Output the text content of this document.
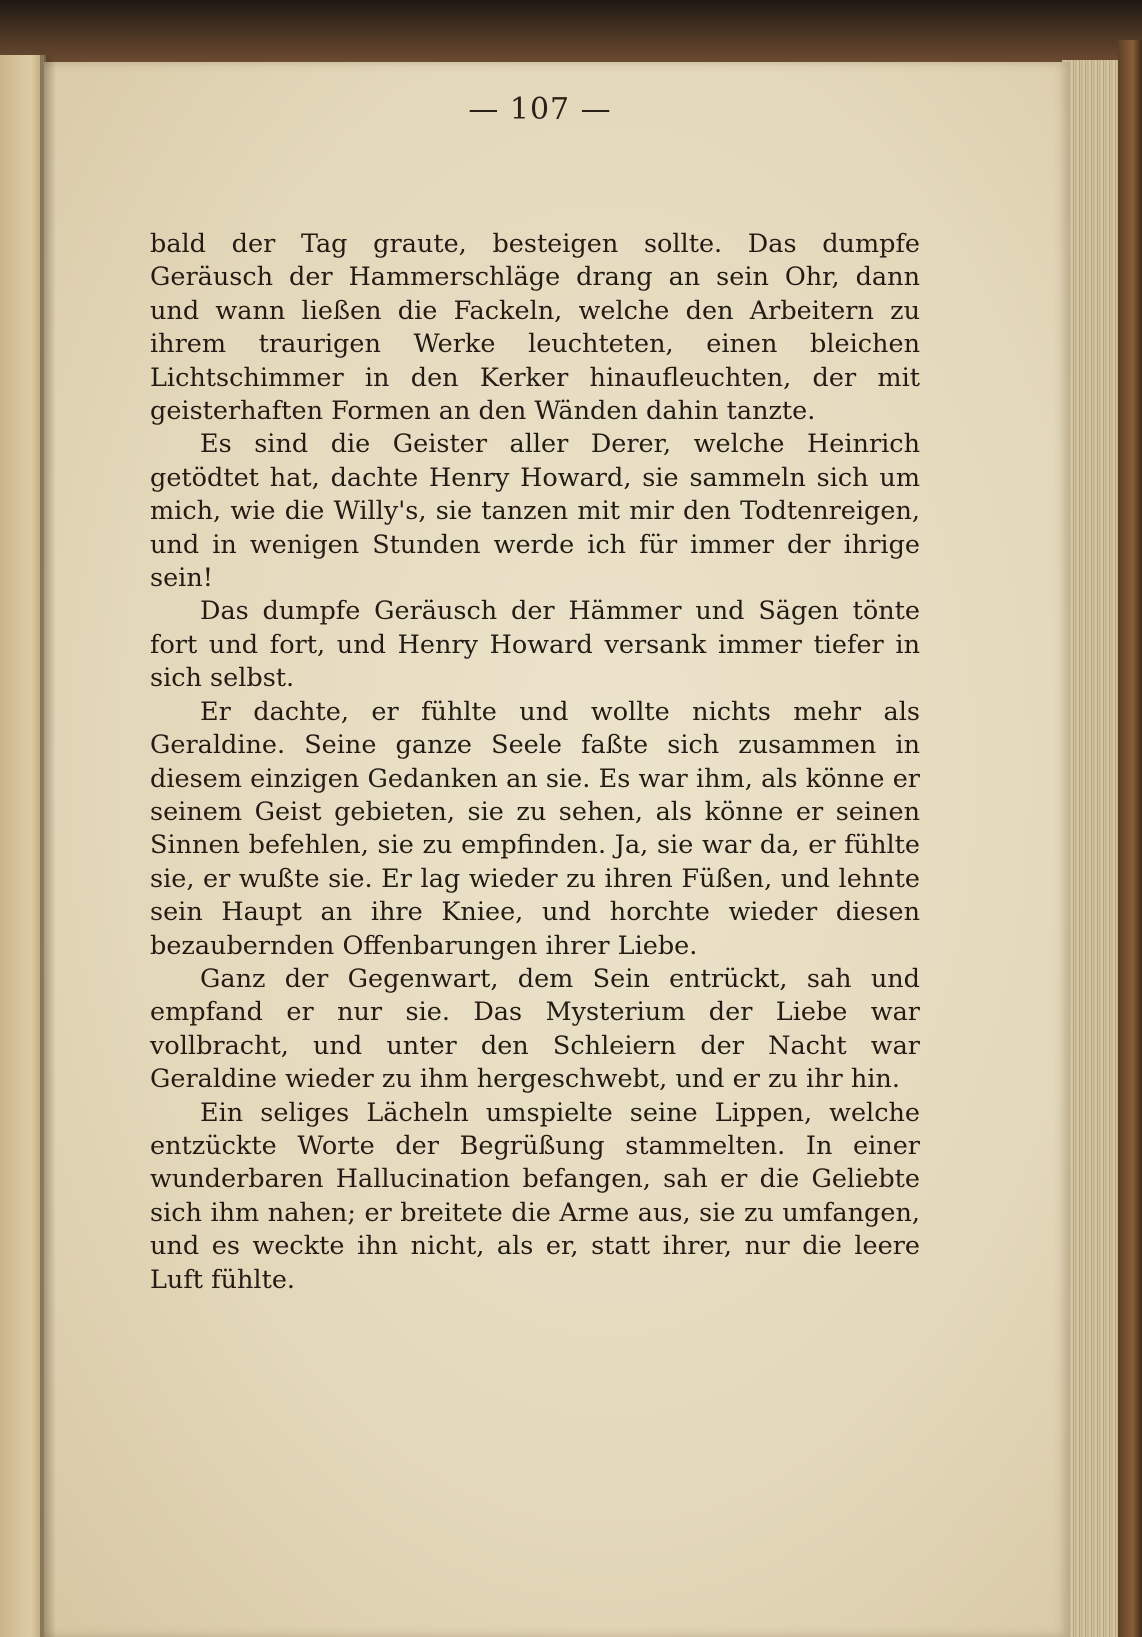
— 107 —

bald der Tag graute, besteigen sollte. Das dumpfe Geräusch der Hammerschläge drang an sein Ohr, dann und wann ließen die Fackeln, welche den Arbeitern zu ihrem traurigen Werke leuchteten, einen bleichen Lichtschimmer in den Kerker hinaufleuchten, der mit geisterhaften Formen an den Wänden dahin tanzte.

Es sind die Geister aller Derer, welche Heinrich getödtet hat, dachte Henry Howard, sie sammeln sich um mich, wie die Willy's, sie tanzen mit mir den Todtenreigen, und in wenigen Stunden werde ich für immer der ihrige sein!

Das dumpfe Geräusch der Hämmer und Sägen tönte fort und fort, und Henry Howard versank immer tiefer in sich selbst.

Er dachte, er fühlte und wollte nichts mehr als Geraldine. Seine ganze Seele faßte sich zusammen in diesem einzigen Gedanken an sie. Es war ihm, als könne er seinem Geist gebieten, sie zu sehen, als könne er seinen Sinnen befehlen, sie zu empfinden. Ja, sie war da, er fühlte sie, er wußte sie. Er lag wieder zu ihren Füßen, und lehnte sein Haupt an ihre Kniee, und horchte wieder diesen bezaubernden Offenbarungen ihrer Liebe.

Ganz der Gegenwart, dem Sein entrückt, sah und empfand er nur sie. Das Mysterium der Liebe war vollbracht, und unter den Schleiern der Nacht war Geraldine wieder zu ihm hergeschwebt, und er zu ihr hin.

Ein seliges Lächeln umspielte seine Lippen, welche entzückte Worte der Begrüßung stammelten. In einer wunderbaren Hallucination befangen, sah er die Geliebte sich ihm nahen; er breitete die Arme aus, sie zu umfangen, und es weckte ihn nicht, als er, statt ihrer, nur die leere Luft fühlte.
